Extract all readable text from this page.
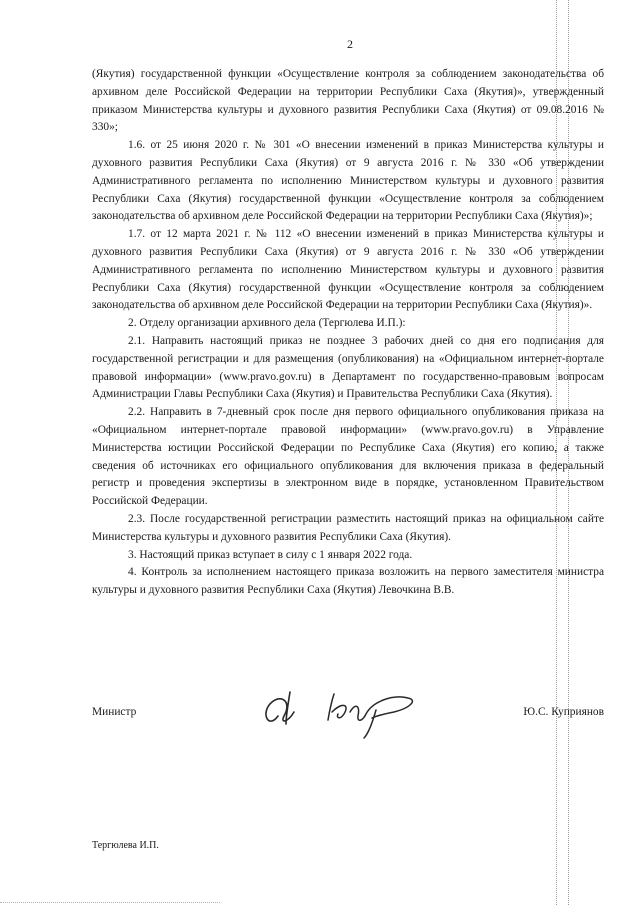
2

(Якутия) государственной функции «Осуществление контроля за соблюдением законодательства об архивном деле Российской Федерации на территории Республики Саха (Якутия)», утвержденный приказом Министерства культуры и духовного развития Республики Саха (Якутия) от 09.08.2016 № 330»;

1.6. от 25 июня 2020 г. № 301 «О внесении изменений в приказ Министерства культуры и духовного развития Республики Саха (Якутия) от 9 августа 2016 г. № 330 «Об утверждении Административного регламента по исполнению Министерством культуры и духовного развития Республики Саха (Якутия) государственной функции «Осуществление контроля за соблюдением законодательства об архивном деле Российской Федерации на территории Республики Саха (Якутия)»;

1.7. от 12 марта 2021 г. № 112 «О внесении изменений в приказ Министерства культуры и духовного развития Республики Саха (Якутия) от 9 августа 2016 г. № 330 «Об утверждении Административного регламента по исполнению Министерством культуры и духовного развития Республики Саха (Якутия) государственной функции «Осуществление контроля за соблюдением законодательства об архивном деле Российской Федерации на территории Республики Саха (Якутия)».

2. Отделу организации архивного дела (Тергюлева И.П.):

2.1. Направить настоящий приказ не позднее 3 рабочих дней со дня его подписания для государственной регистрации и для размещения (опубликования) на «Официальном интернет-портале правовой информации» (www.pravo.gov.ru) в Департамент по государственно-правовым вопросам Администрации Главы Республики Саха (Якутия) и Правительства Республики Саха (Якутия).

2.2. Направить в 7-дневный срок после дня первого официального опубликования приказа на «Официальном интернет-портале правовой информации» (www.pravo.gov.ru) в Управление Министерства юстиции Российской Федерации по Республике Саха (Якутия) его копию, а также сведения об источниках его официального опубликования для включения приказа в федеральный регистр и проведения экспертизы в электронном виде в порядке, установленном Правительством Российской Федерации.

2.3. После государственной регистрации разместить настоящий приказ на официальном сайте Министерства культуры и духовного развития Республики Саха (Якутия).

3. Настоящий приказ вступает в силу с 1 января 2022 года.

4. Контроль за исполнением настоящего приказа возложить на первого заместителя министра культуры и духовного развития Республики Саха (Якутия) Левочкина В.В.

Министр	Ю.С. Куприянов
Тергюлева И.П.
